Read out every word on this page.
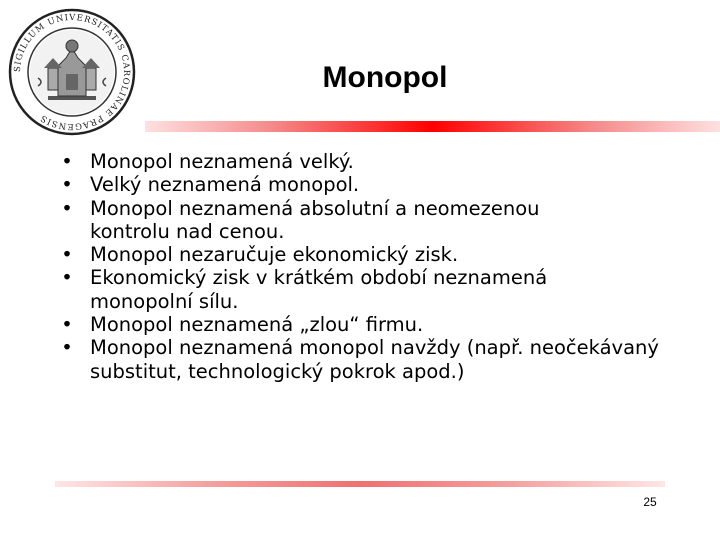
SIGILLUM UNIVERSITATIS CAROLINAE PRAGENSIS
Monopol
• Monopol neznamená velký.
• Velký neznamená monopol.
• Monopol neznamená absolutní a neomezenou kontrolu nad cenou.
• Monopol nezaručuje ekonomický zisk.
• Ekonomický zisk v krátkém období neznamená monopolní sílu.
• Monopol neznamená „zlou“ firmu.
• Monopol neznamená monopol navždy (např. neočekávaný substitut, technologický pokrok apod.)
25
